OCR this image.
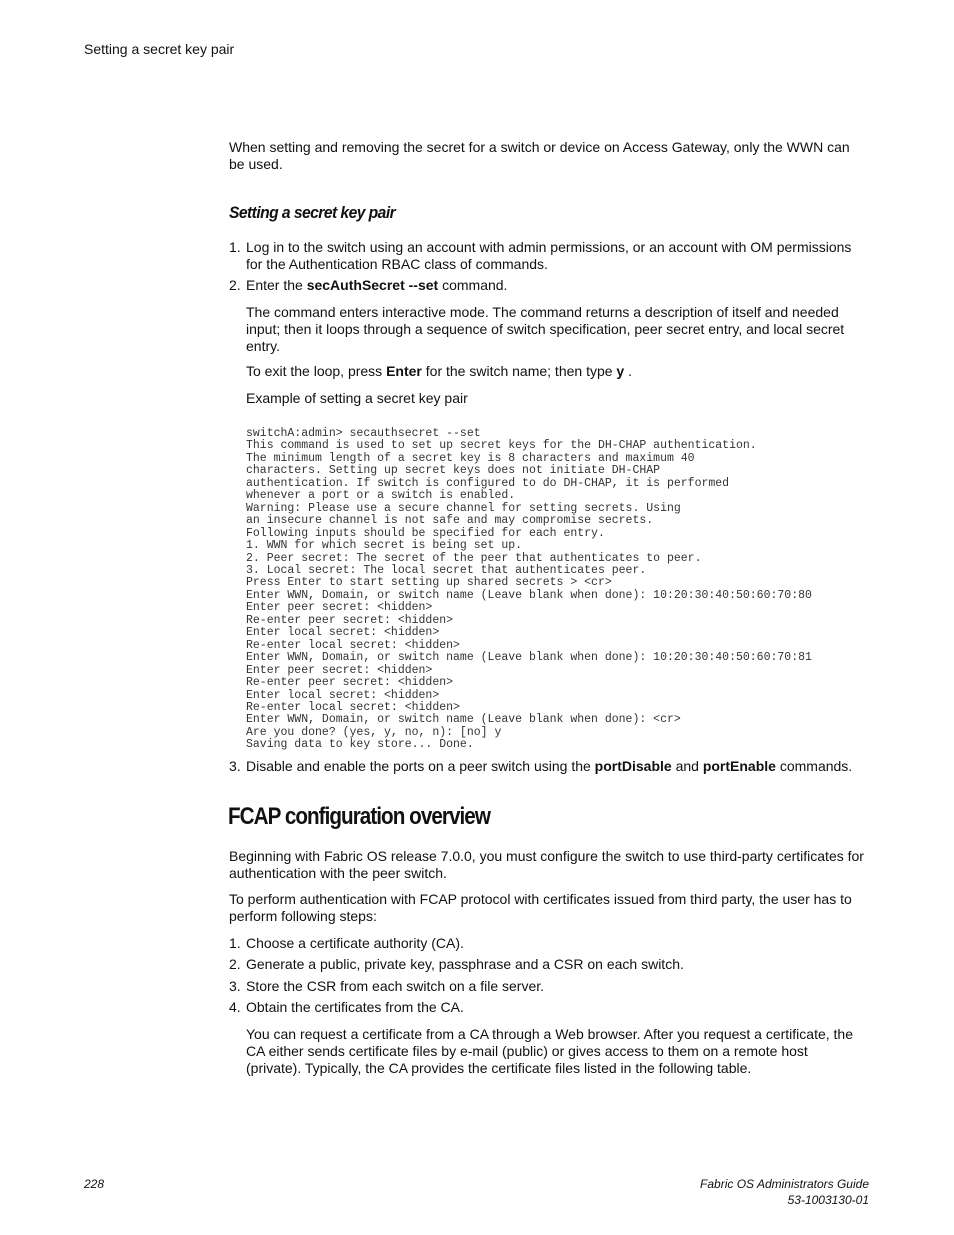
Setting a secret key pair
When setting and removing the secret for a switch or device on Access Gateway, only the WWN can be used.
Setting a secret key pair
1. Log in to the switch using an account with admin permissions, or an account with OM permissions for the Authentication RBAC class of commands.
2. Enter the secAuthSecret --set command.
The command enters interactive mode. The command returns a description of itself and needed input; then it loops through a sequence of switch specification, peer secret entry, and local secret entry.
To exit the loop, press Enter for the switch name; then type y .
Example of setting a secret key pair
switchA:admin> secauthsecret --set
This command is used to set up secret keys for the DH-CHAP authentication.
The minimum length of a secret key is 8 characters and maximum 40
characters. Setting up secret keys does not initiate DH-CHAP
authentication. If switch is configured to do DH-CHAP, it is performed
whenever a port or a switch is enabled.
Warning: Please use a secure channel for setting secrets. Using
an insecure channel is not safe and may compromise secrets.
Following inputs should be specified for each entry.
1. WWN for which secret is being set up.
2. Peer secret: The secret of the peer that authenticates to peer.
3. Local secret: The local secret that authenticates peer.
Press Enter to start setting up shared secrets > <cr>
Enter WWN, Domain, or switch name (Leave blank when done): 10:20:30:40:50:60:70:80
Enter peer secret: <hidden>
Re-enter peer secret: <hidden>
Enter local secret: <hidden>
Re-enter local secret: <hidden>
Enter WWN, Domain, or switch name (Leave blank when done): 10:20:30:40:50:60:70:81
Enter peer secret: <hidden>
Re-enter peer secret: <hidden>
Enter local secret: <hidden>
Re-enter local secret: <hidden>
Enter WWN, Domain, or switch name (Leave blank when done): <cr>
Are you done? (yes, y, no, n): [no] y
Saving data to key store... Done.
3. Disable and enable the ports on a peer switch using the portDisable and portEnable commands.
FCAP configuration overview
Beginning with Fabric OS release 7.0.0, you must configure the switch to use third-party certificates for authentication with the peer switch.
To perform authentication with FCAP protocol with certificates issued from third party, the user has to perform following steps:
1. Choose a certificate authority (CA).
2. Generate a public, private key, passphrase and a CSR on each switch.
3. Store the CSR from each switch on a file server.
4. Obtain the certificates from the CA.
You can request a certificate from a CA through a Web browser. After you request a certificate, the CA either sends certificate files by e-mail (public) or gives access to them on a remote host (private). Typically, the CA provides the certificate files listed in the following table.
228	Fabric OS Administrators Guide
53-1003130-01
